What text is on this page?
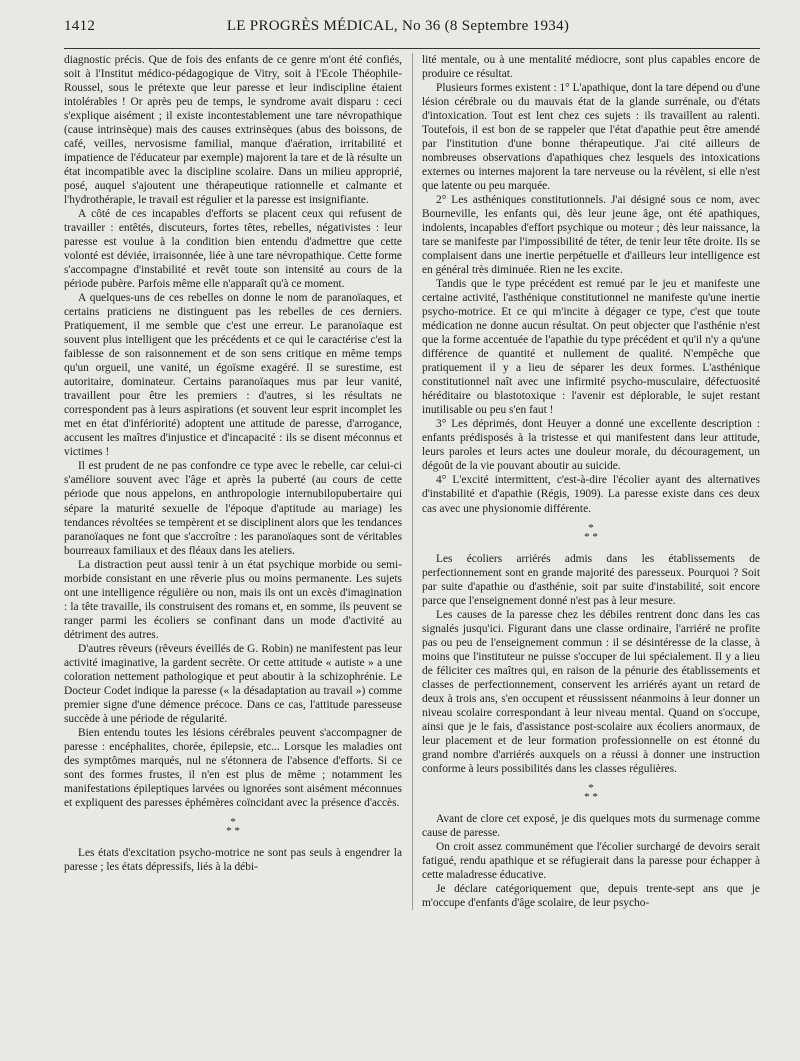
1412	LE PROGRÈS MÉDICAL, No 36 (8 Septembre 1934)

diagnostic précis. Que de fois des enfants de ce genre m'ont été confiés, soit à l'Institut médico-pédagogique de Vitry, soit à l'Ecole Théophile-Roussel, sous le prétexte que leur paresse et leur indiscipline étaient intolérables ! Or après peu de temps, le syndrome avait disparu : ceci s'explique aisément ; il existe incontestablement une tare névropathique (cause intrinsèque) mais des causes extrinsèques (abus des boissons, de café, veilles, nervosisme familial, manque d'aération, irritabilité et impatience de l'éducateur par exemple) majorent la tare et de là résulte un état incompatible avec la discipline scolaire. Dans un milieu approprié, posé, auquel s'ajoutent une thérapeutique rationnelle et calmante et l'hydrothérapie, le travail est régulier et la paresse est insignifiante.

A côté de ces incapables d'efforts se placent ceux qui refusent de travailler : entêtés, discuteurs, fortes têtes, rebelles, négativistes : leur paresse est voulue à la condition bien entendu d'admettre que cette volonté est déviée, irraisonnée, liée à une tare névropathique. Cette forme s'accompagne d'instabilité et revêt toute son intensité au cours de la période pubère. Parfois même elle n'apparaît qu'à ce moment.

A quelques-uns de ces rebelles on donne le nom de paranoïaques, et certains praticiens ne distinguent pas les rebelles de ces derniers. Pratiquement, il me semble que c'est une erreur. Le paranoïaque est souvent plus intelligent que les précédents et ce qui le caractérise c'est la faiblesse de son raisonnement et de son sens critique en même temps qu'un orgueil, une vanité, un égoïsme exagéré. Il se surestime, est autoritaire, dominateur. Certains paranoïaques mus par leur vanité, travaillent pour être les premiers : d'autres, si les résultats ne correspondent pas à leurs aspirations (et souvent leur esprit incomplet les met en état d'infériorité) adoptent une attitude de paresse, d'arrogance, accusent les maîtres d'injustice et d'incapacité : ils se disent méconnus et victimes !

Il est prudent de ne pas confondre ce type avec le rebelle, car celui-ci s'améliore souvent avec l'âge et après la puberté (au cours de cette période que nous appelons, en anthropologie internubilopubertaire qui sépare la maturité sexuelle de l'époque d'aptitude au mariage) les tendances révoltées se tempèrent et se disciplinent alors que les tendances paranoïaques ne font que s'accroître : les paranoïaques sont de véritables bourreaux familiaux et des fléaux dans les ateliers.

La distraction peut aussi tenir à un état psychique morbide ou semi-morbide consistant en une rêverie plus ou moins permanente. Les sujets ont une intelligence régulière ou non, mais ils ont un excès d'imagination : la tête travaille, ils construisent des romans et, en somme, ils peuvent se ranger parmi les écoliers se confinant dans un mode d'activité au détriment des autres.

D'autres rêveurs (rêveurs éveillés de G. Robin) ne manifestent pas leur activité imaginative, la gardent secrète. Or cette attitude « autiste » a une coloration nettement pathologique et peut aboutir à la schizophrénie. Le Docteur Codet indique la paresse (« la désadaptation au travail ») comme premier signe d'une démence précoce. Dans ce cas, l'attitude paresseuse succède à une période de régularité.

Bien entendu toutes les lésions cérébrales peuvent s'accompagner de paresse : encéphalites, chorée, épilepsie, etc... Lorsque les maladies ont des symptômes marqués, nul ne s'étonnera de l'absence d'efforts. Si ce sont des formes frustes, il n'en est plus de même ; notamment les manifestations épileptiques larvées ou ignorées sont aisément méconnues et expliquent des paresses éphémères coïncidant avec la présence d'accès.

*
* *

Les états d'excitation psycho-motrice ne sont pas seuls à engendrer la paresse ; les états dépressifs, liés à la débi-

lité mentale, ou à une mentalité médiocre, sont plus capables encore de produire ce résultat.

Plusieurs formes existent : 1° L'apathique, dont la tare dépend ou d'une lésion cérébrale ou du mauvais état de la glande surrénale, ou d'états d'intoxication. Tout est lent chez ces sujets : ils travaillent au ralenti. Toutefois, il est bon de se rappeler que l'état d'apathie peut être amendé par l'institution d'une bonne thérapeutique. J'ai cité ailleurs de nombreuses observations d'apathiques chez lesquels des intoxications externes ou internes majorent la tare nerveuse ou la révèlent, si elle n'est que latente ou peu marquée.

2° Les asthéniques constitutionnels. J'ai désigné sous ce nom, avec Bourneville, les enfants qui, dès leur jeune âge, ont été apathiques, indolents, incapables d'effort psychique ou moteur ; dès leur naissance, la tare se manifeste par l'impossibilité de téter, de tenir leur tête droite. Ils se complaisent dans une inertie perpétuelle et d'ailleurs leur intelligence est en général très diminuée. Rien ne les excite.

Tandis que le type précédent est remué par le jeu et manifeste une certaine activité, l'asthénique constitutionnel ne manifeste qu'une inertie psycho-motrice. Et ce qui m'incite à dégager ce type, c'est que toute médication ne donne aucun résultat. On peut objecter que l'asthénie n'est que la forme accentuée de l'apathie du type précédent et qu'il n'y a qu'une différence de quantité et nullement de qualité. N'empêche que pratiquement il y a lieu de séparer les deux formes. L'asthénique constitutionnel naît avec une infirmité psycho-musculaire, défectuosité héréditaire ou blastotoxique : l'avenir est déplorable, le sujet restant inutilisable ou peu s'en faut !

3° Les déprimés, dont Heuyer a donné une excellente description : enfants prédisposés à la tristesse et qui manifestent dans leur attitude, leurs paroles et leurs actes une douleur morale, du découragement, un dégoût de la vie pouvant aboutir au suicide.

4° L'excité intermittent, c'est-à-dire l'écolier ayant des alternatives d'instabilité et d'apathie (Régis, 1909). La paresse existe dans ces deux cas avec une physionomie différente.

*
* *

Les écoliers arriérés admis dans les établissements de perfectionnement sont en grande majorité des paresseux. Pourquoi ? Soit par suite d'apathie ou d'asthénie, soit par suite d'instabilité, soit encore parce que l'enseignement donné n'est pas à leur mesure.

Les causes de la paresse chez les débiles rentrent donc dans les cas signalés jusqu'ici. Figurant dans une classe ordinaire, l'arriéré ne profite pas ou peu de l'enseignement commun : il se désintéresse de la classe, à moins que l'instituteur ne puisse s'occuper de lui spécialement. Il y a lieu de féliciter ces maîtres qui, en raison de la pénurie des établissements et classes de perfectionnement, conservent les arriérés ayant un retard de deux à trois ans, s'en occupent et réussissent néanmoins à leur donner un niveau scolaire correspondant à leur niveau mental. Quand on s'occupe, ainsi que je le fais, d'assistance post-scolaire aux écoliers anormaux, de leur placement et de leur formation professionnelle on est étonné du grand nombre d'arriérés auxquels on a réussi à donner une instruction conforme à leurs possibilités dans les classes régulières.

*
* *

Avant de clore cet exposé, je dis quelques mots du surmenage comme cause de paresse.

On croit assez communément que l'écolier surchargé de devoirs serait fatigué, rendu apathique et se réfugierait dans la paresse pour échapper à cette maladresse éducative.

Je déclare catégoriquement que, depuis trente-sept ans que je m'occupe d'enfants d'âge scolaire, de leur psycho-
